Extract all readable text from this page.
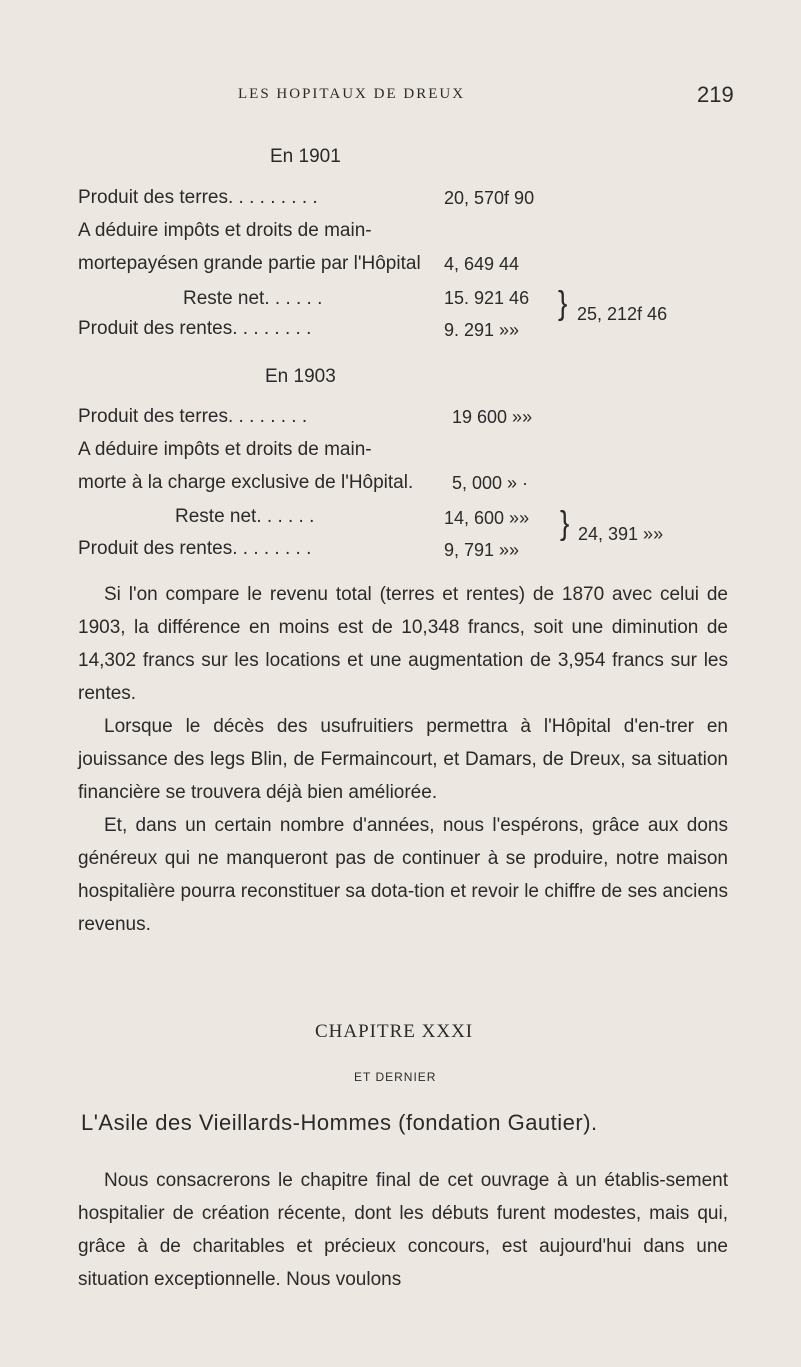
LES HOPITAUX DE DREUX	219
En 1901
Produit des terres. . . . . . . . .	20, 570f 90
A déduire impôts et droits de main-
mortepayésen grande partie par l'Hôpital 4, 649 44
Reste net. . . . . .	15. 921 46
Produit des rentes. . . . . . . .	9. 291 »»
} 25, 212f 46
En 1903
Produit des terres. . . . . . . .	19 600 »»
A déduire impôts et droits de main-
morte à la charge exclusive de l'Hôpital. 5, 000 » ·
Reste net. . . . . .	14, 600 »»
Produit des rentes. . . . . . . .	9, 791 »»
} 24, 391 »»

Si l'on compare le revenu total (terres et rentes) de 1870 avec celui de 1903, la différence en moins est de 10,348 francs, soit une diminution de 14,302 francs sur les locations et une augmentation de 3,954 francs sur les rentes.

Lorsque le décès des usufruitiers permettra à l'Hôpital d'en-trer en jouissance des legs Blin, de Fermaincourt, et Damars, de Dreux, sa situation financière se trouvera déjà bien améliorée.

Et, dans un certain nombre d'années, nous l'espérons, grâce aux dons généreux qui ne manqueront pas de continuer à se produire, notre maison hospitalière pourra reconstituer sa dota-tion et revoir le chiffre de ses anciens revenus.

CHAPITRE XXXI
ET DERNIER
L'Asile des Vieillards-Hommes (fondation Gautier).

Nous consacrerons le chapitre final de cet ouvrage à un établis-sement hospitalier de création récente, dont les débuts furent modestes, mais qui, grâce à de charitables et précieux concours, est aujourd'hui dans une situation exceptionnelle. Nous voulons
